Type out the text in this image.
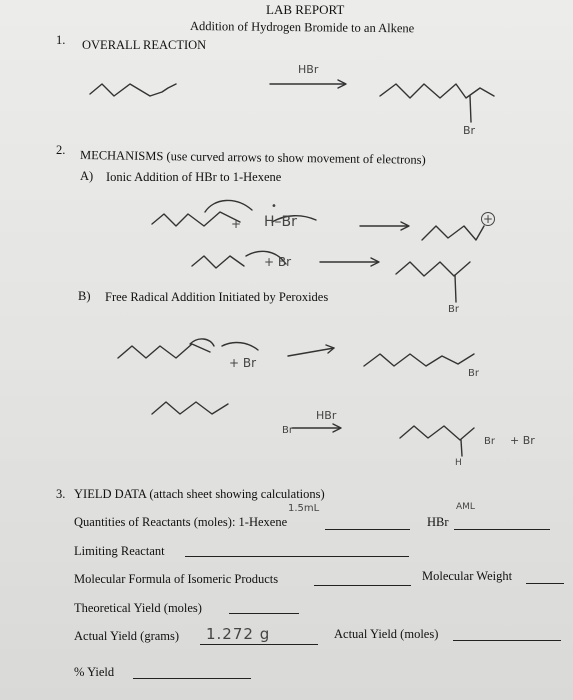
LAB REPORT
Addition of Hydrogen Bromide to an Alkene
1. OVERALL REACTION
HBr
Br
2. MECHANISMS (use curved arrows to show movement of electrons)
A) Ionic Addition of HBr to 1-Hexene
+ H–Br
•
+
+ Br
Br
B) Free Radical Addition Initiated by Peroxides
+ Br
Br
Br
HBr
Br + Br
H
3. YIELD DATA (attach sheet showing calculations)
1.5mL	AML
Quantities of Reactants (moles): 1-Hexene	HBr
Limiting Reactant
Molecular Formula of Isomeric Products	Molecular Weight
Theoretical Yield (moles)
Actual Yield (grams) 1.272 g	Actual Yield (moles)
% Yield
